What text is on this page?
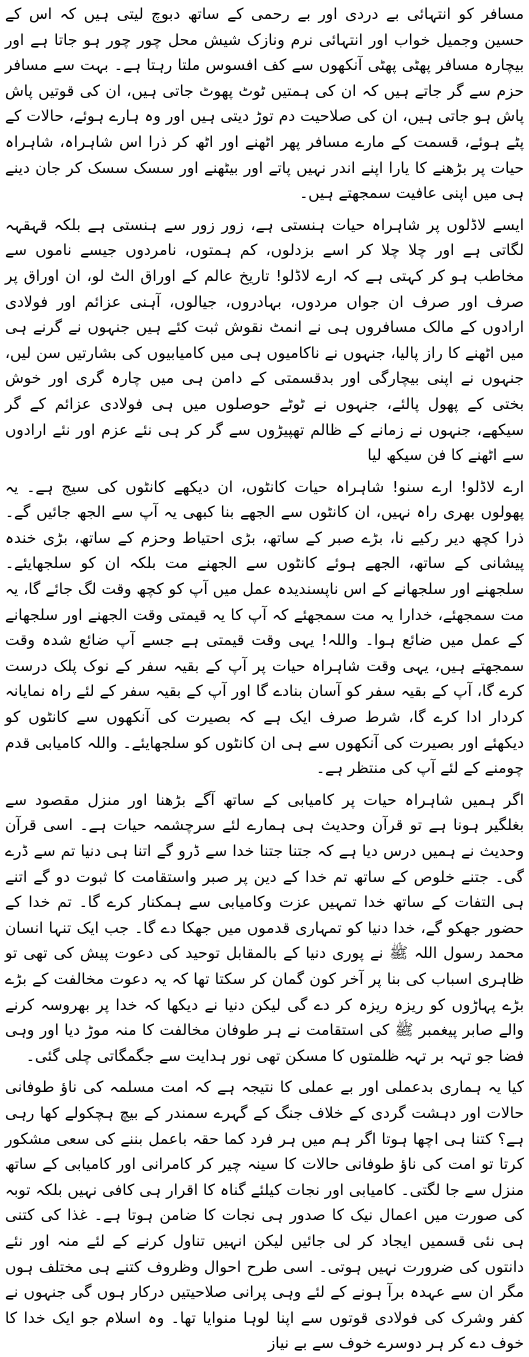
مسافر کو انتہائی بے دردی اور بے رحمی کے ساتھ دبوچ لیتی ہیں کہ اس کے حسین وجمیل خواب اور انتہائی نرم ونازک شیش محل چور چور ہو جاتا ہے اور بیچارہ مسافر پھٹی پھٹی آنکھوں سے کف افسوس ملتا رہتا ہے۔ بہت سے مسافر حزم سے گر جاتے ہیں کہ ان کی ہمتیں ٹوٹ پھوٹ جاتی ہیں، ان کی قوتیں پاش پاش ہو جاتی ہیں، ان کی صلاحیت دم توڑ دیتی ہیں اور وہ ہارے ہوئے، حالات کے پٹے ہوئے، قسمت کے مارے مسافر پھر اٹھنے اور اٹھ کر ذرا اس شاہراہ، شاہراہ حیات پر بڑھنے کا یارا اپنے اندر نہیں پاتے اور بیٹھنے اور سسک سسک کر جان دینے ہی میں اپنی عافیت سمجھتے ہیں۔

ایسے لاڈلوں پر شاہراہ حیات ہنستی ہے، زور زور سے ہنستی ہے بلکہ قہقہہ لگاتی ہے اور چلا چلا کر اسے بزدلوں، کم ہمتوں، نامردوں جیسے ناموں سے مخاطب ہو کر کہتی ہے کہ ارے لاڈلو! تاریخ عالم کے اوراق الٹ لو، ان اوراق پر صرف اور صرف ان جواں مردوں، بہادروں، جیالوں، آہنی عزائم اور فولادی ارادوں کے مالک مسافروں ہی نے انمٹ نقوش ثبت کئے ہیں جنہوں نے گرنے ہی میں اٹھنے کا راز پالیا، جنہوں نے ناکامیوں ہی میں کامیابیوں کی بشارتیں سن لیں، جنہوں نے اپنی بیچارگی اور بدقسمتی کے دامن ہی میں چارہ گری اور خوش بختی کے پھول پالئے، جنہوں نے ٹوٹے حوصلوں میں ہی فولادی عزائم کے گر سیکھے، جنہوں نے زمانے کے ظالم تھپیڑوں سے گر کر ہی نئے عزم اور نئے ارادوں سے اٹھنے کا فن سیکھ لیا

ارے لاڈلو! ارے سنو! شاہراہ حیات کانٹوں، ان دیکھے کانٹوں کی سیج ہے۔ یہ پھولوں بھری راہ نہیں، ان کانٹوں سے الجھے بنا کبھی یہ آپ سے الجھ جائیں گے۔ ذرا کچھ دیر رکیے نا، بڑے صبر کے ساتھ، بڑی احتیاط وحزم کے ساتھ، بڑی خندہ پیشانی کے ساتھ، الجھے ہوئے کانٹوں سے الجھنے مت بلکہ ان کو سلجھایئے۔ سلجھنے اور سلجھانے کے اس ناپسندیدہ عمل میں آپ کو کچھ وقت لگ جائے گا، یہ مت سمجھئے، خدارا یہ مت سمجھئے کہ آپ کا یہ قیمتی وقت الجھنے اور سلجھانے کے عمل میں ضائع ہوا۔ واللہ! یہی وقت قیمتی ہے جسے آپ ضائع شدہ وقت سمجھتے ہیں، یہی وقت شاہراہ حیات پر آپ کے بقیہ سفر کے نوک پلک درست کرے گا، آپ کے بقیہ سفر کو آسان بنادے گا اور آپ کے بقیہ سفر کے لئے راہ نمایانہ کردار ادا کرے گا، شرط صرف ایک ہے کہ بصیرت کی آنکھوں سے کانٹوں کو دیکھئے اور بصیرت کی آنکھوں سے ہی ان کانٹوں کو سلجھایئے۔ واللہ کامیابی قدم چومنے کے لئے آپ کی منتظر ہے۔

اگر ہمیں شاہراہ حیات پر کامیابی کے ساتھ آگے بڑھنا اور منزل مقصود سے بغلگیر ہونا ہے تو قرآن وحدیث ہی ہمارے لئے سرچشمہ حیات ہے۔ اسی قرآن وحدیث نے ہمیں درس دیا ہے کہ جتنا جتنا خدا سے ڈرو گے اتنا ہی دنیا تم سے ڈرے گی۔ جتنے خلوص کے ساتھ تم خدا کے دین پر صبر واستقامت کا ثبوت دو گے اتنے ہی التفات کے ساتھ خدا تمہیں عزت وکامیابی سے ہمکنار کرے گا۔ تم خدا کے حضور جھکو گے، خدا دنیا کو تمہاری قدموں میں جھکا دے گا۔ جب ایک تنہا انسان محمد رسول اللہ ﷺ نے پوری دنیا کے بالمقابل توحید کی دعوت پیش کی تھی تو ظاہری اسباب کی بنا پر آخر کون گمان کر سکتا تھا کہ یہ دعوت مخالفت کے بڑے بڑے پہاڑوں کو ریزہ ریزہ کر دے گی لیکن دنیا نے دیکھا کہ خدا پر بھروسہ کرنے والے صابر پیغمبر ﷺ کی استقامت نے ہر طوفان مخالفت کا منہ موڑ دیا اور وہی فضا جو تہہ بر تہہ ظلمتوں کا مسکن تھی نور ہدایت سے جگمگاتی چلی گئی۔

کیا یہ ہماری بدعملی اور بے عملی کا نتیجہ ہے کہ امت مسلمہ کی ناؤ طوفانی حالات اور دہشت گردی کے خلاف جنگ کے گہرے سمندر کے بیچ ہچکولے کھا رہی ہے؟ کتنا ہی اچھا ہوتا اگر ہم میں ہر فرد کما حقہ باعمل بننے کی سعی مشکور کرتا تو امت کی ناؤ طوفانی حالات کا سینہ چیر کر کامرانی اور کامیابی کے ساتھ منزل سے جا لگتی۔ کامیابی اور نجات کیلئے گناہ کا اقرار ہی کافی نہیں بلکہ توبہ کی صورت میں اعمال نیک کا صدور ہی نجات کا ضامن ہوتا ہے۔ غذا کی کتنی ہی نئی قسمیں ایجاد کر لی جائیں لیکن انہیں تناول کرنے کے لئے منہ اور نئے دانتوں کی ضرورت نہیں ہوتی۔ اسی طرح احوال وظروف کتنے ہی مختلف ہوں مگر ان سے عہدہ برآ ہونے کے لئے وہی پرانی صلاحیتیں درکار ہوں گی جنہوں نے کفر وشرک کی فولادی قوتوں سے اپنا لوہا منوایا تھا۔ وہ اسلام جو ایک خدا کا خوف دے کر ہر دوسرے خوف سے بے نیاز
